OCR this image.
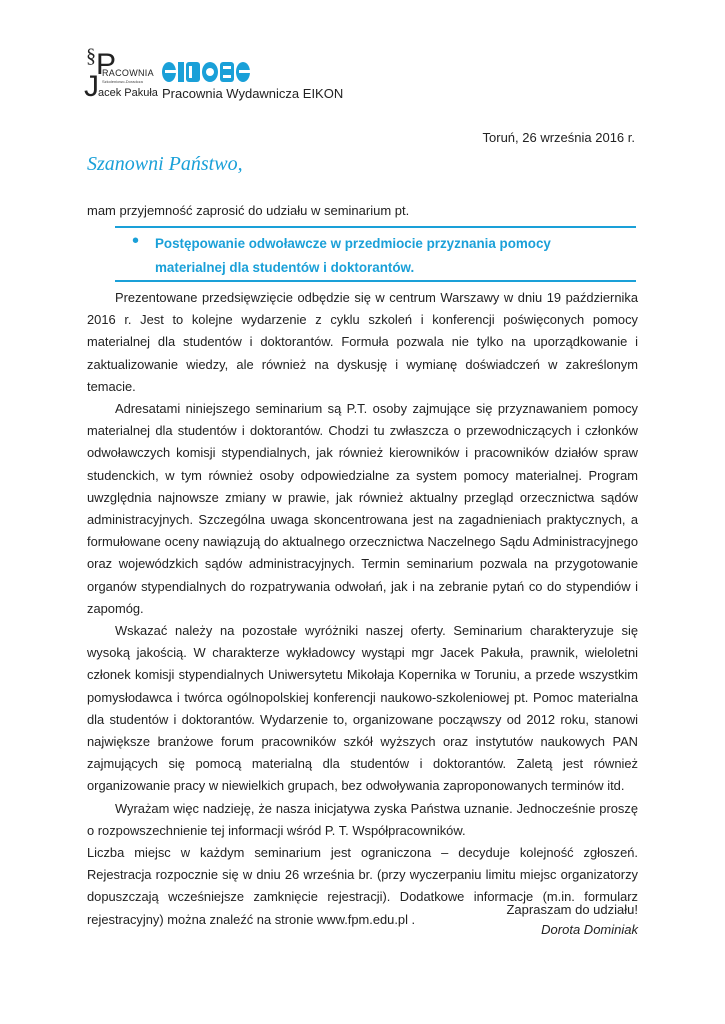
§ P
J RACOWNIA
Szkoleniowo-Doradcza
acek Pakuła Pracownia Wydawnicza EIKON
Toruń, 26 września 2016 r.
Szanowni Państwo,
mam przyjemność zaprosić do udziału w seminarium pt.
• Postępowanie odwoławcze w przedmiocie przyznania pomocy
materialnej dla studentów i doktorantów.

Prezentowane przedsięwzięcie odbędzie się w centrum Warszawy w dniu 19 października 2016 r. Jest to kolejne wydarzenie z cyklu szkoleń i konferencji poświęconych pomocy materialnej dla studentów i doktorantów. Formuła pozwala nie tylko na uporządkowanie i zaktualizowanie wiedzy, ale również na dyskusję i wymianę doświadczeń w zakreślonym temacie.

Adresatami niniejszego seminarium są P.T. osoby zajmujące się przyznawaniem pomocy materialnej dla studentów i doktorantów. Chodzi tu zwłaszcza o przewodniczących i członków odwoławczych komisji stypendialnych, jak również kierowników i pracowników działów spraw studenckich, w tym również osoby odpowiedzialne za system pomocy materialnej. Program uwzględnia najnowsze zmiany w prawie, jak również aktualny przegląd orzecznictwa sądów administracyjnych. Szczególna uwaga skoncentrowana jest na zagadnieniach praktycznych, a formułowane oceny nawiązują do aktualnego orzecznictwa Naczelnego Sądu Administracyjnego oraz wojewódzkich sądów administracyjnych. Termin seminarium pozwala na przygotowanie organów stypendialnych do rozpatrywania odwołań, jak i na zebranie pytań co do stypendiów i zapomóg.

Wskazać należy na pozostałe wyróżniki naszej oferty. Seminarium charakteryzuje się wysoką jakością. W charakterze wykładowcy wystąpi mgr Jacek Pakuła, prawnik, wieloletni członek komisji stypendialnych Uniwersytetu Mikołaja Kopernika w Toruniu, a przede wszystkim pomysłodawca i twórca ogólnopolskiej konferencji naukowo-szkoleniowej pt. Pomoc materialna dla studentów i doktorantów. Wydarzenie to, organizowane począwszy od 2012 roku, stanowi największe branżowe forum pracowników szkół wyższych oraz instytutów naukowych PAN zajmujących się pomocą materialną dla studentów i doktorantów. Zaletą jest również organizowanie pracy w niewielkich grupach, bez odwoływania zaproponowanych terminów itd.

Wyrażam więc nadzieję, że nasza inicjatywa zyska Państwa uznanie. Jednocześnie proszę o rozpowszechnienie tej informacji wśród P. T. Współpracowników.

Liczba miejsc w każdym seminarium jest ograniczona – decyduje kolejność zgłoszeń. Rejestracja rozpocznie się w dniu 26 września br. (przy wyczerpaniu limitu miejsc organizatorzy dopuszczają wcześniejsze zamknięcie rejestracji). Dodatkowe informacje (m.in. formularz rejestracyjny) można znaleźć na stronie www.fpm.edu.pl .

Zapraszam do udziału!
Dorota Dominiak
